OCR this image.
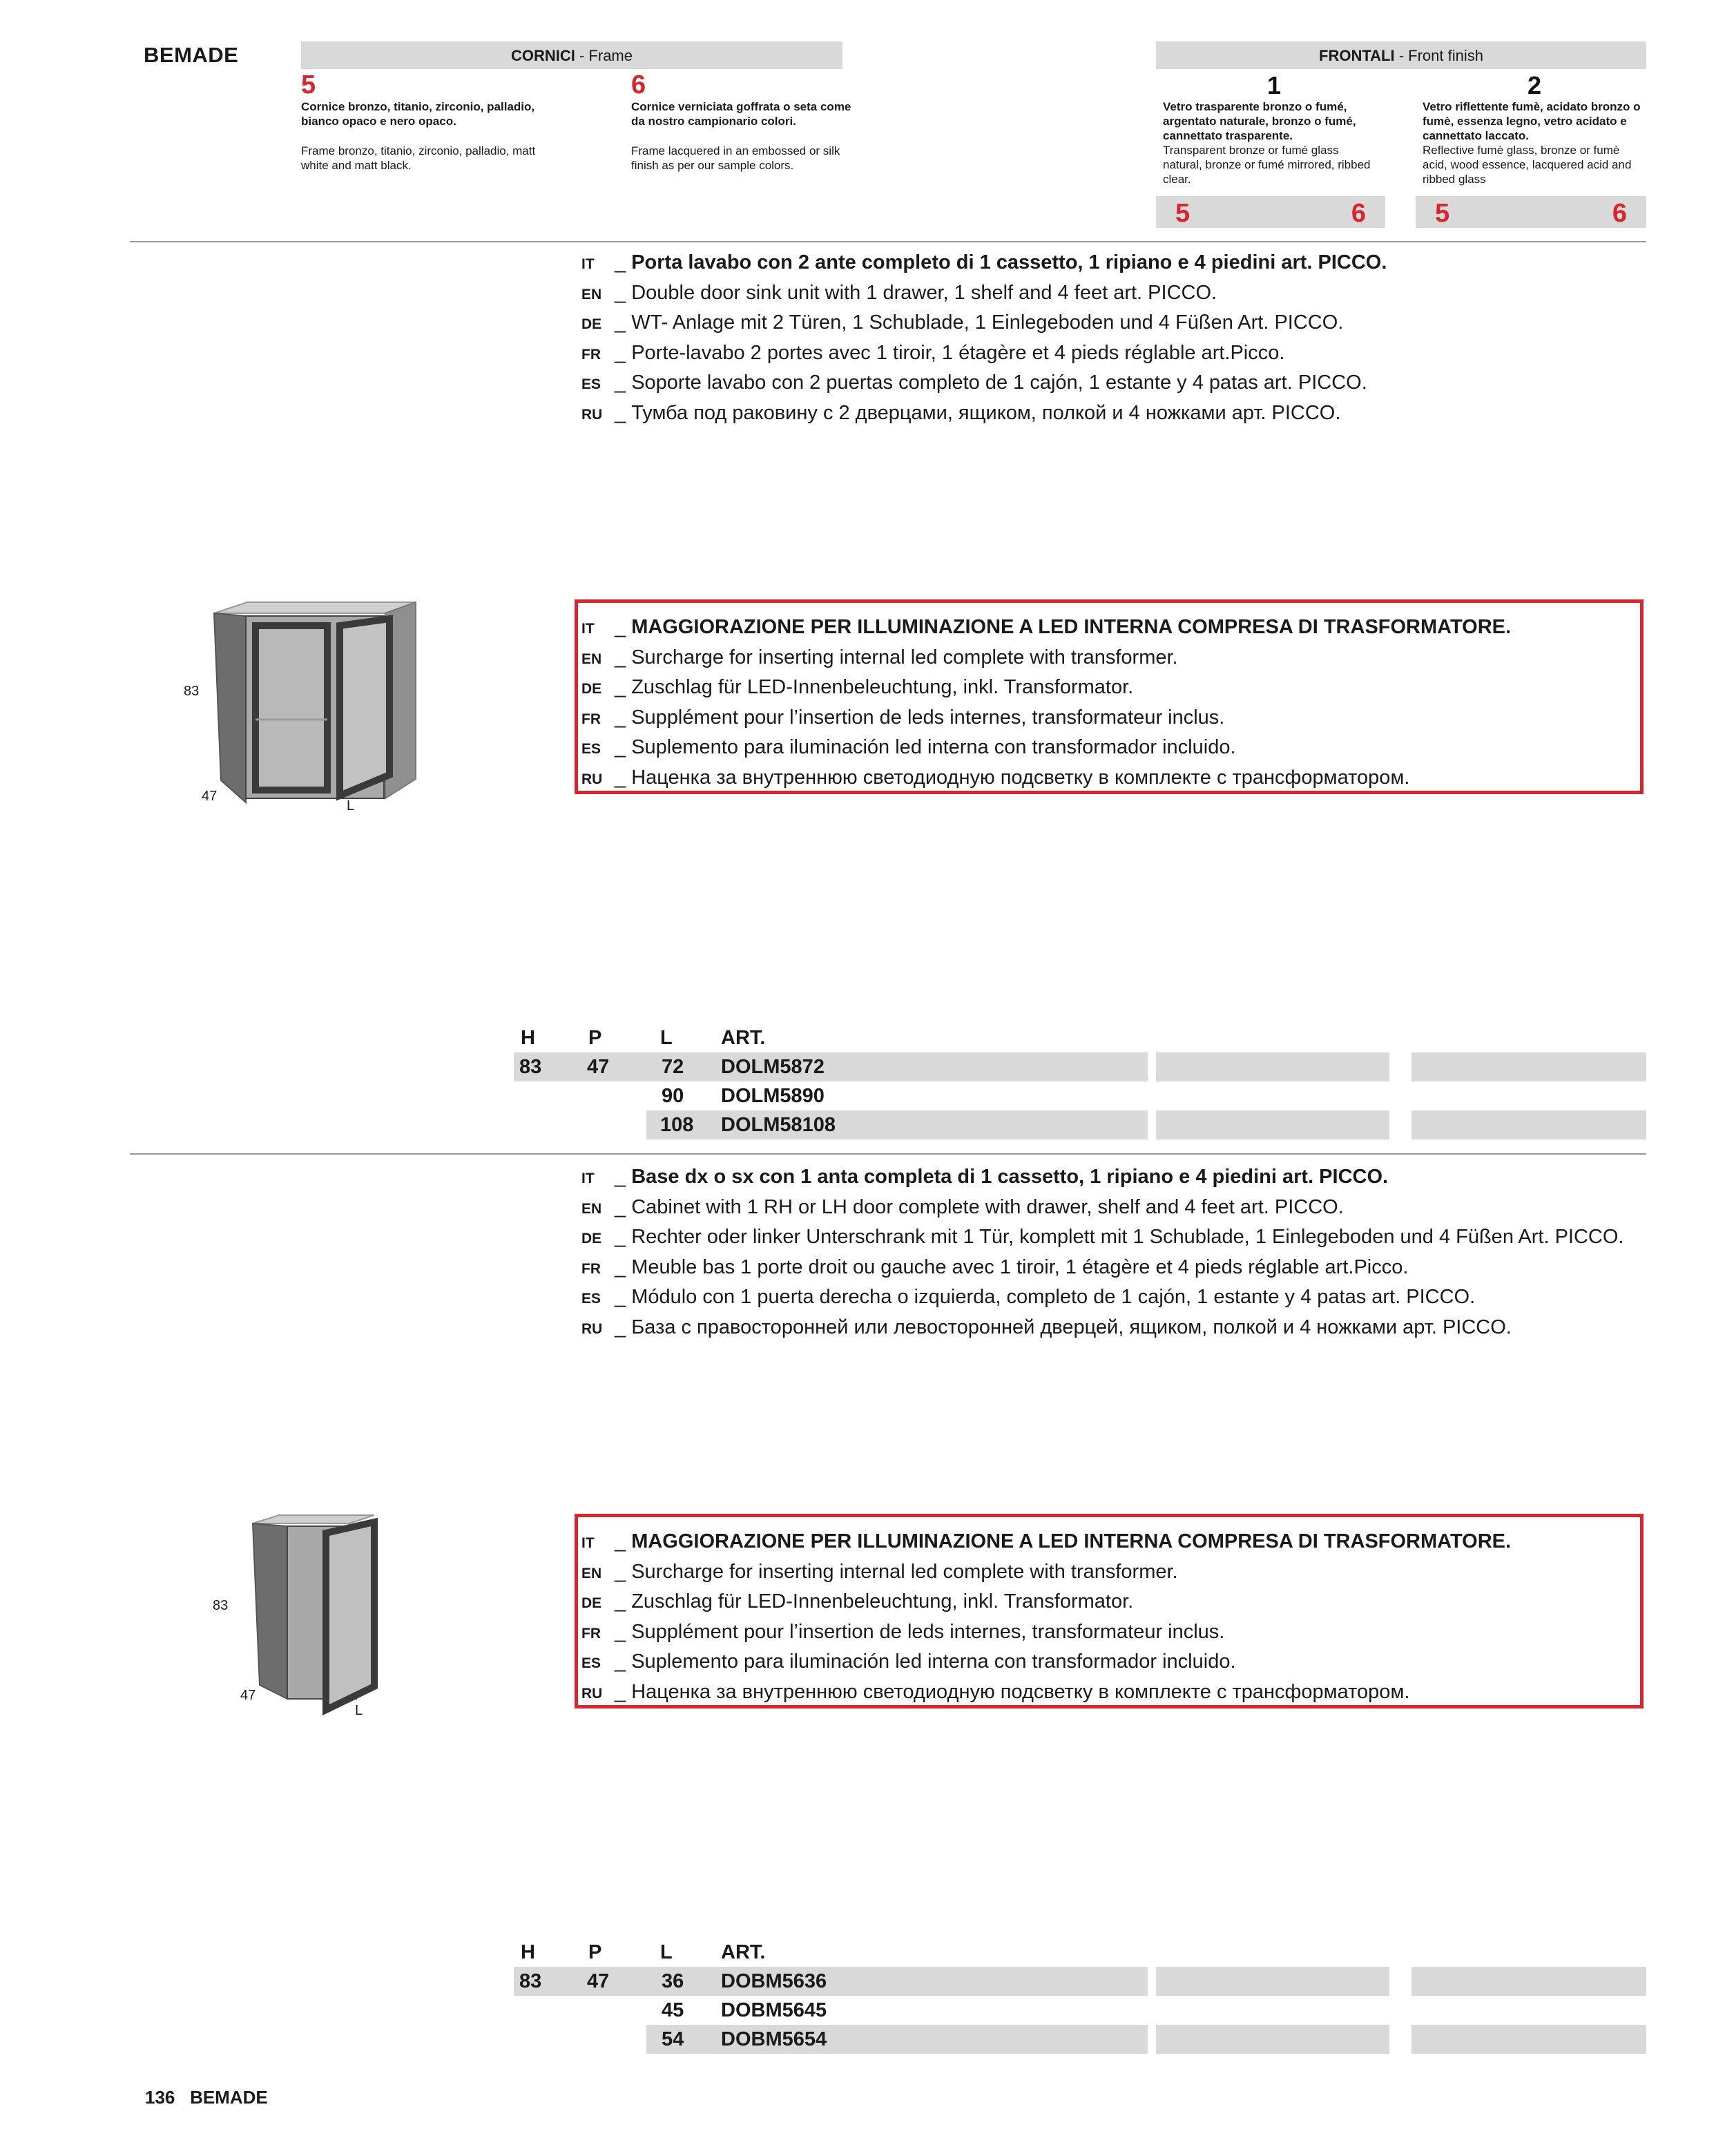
BEMADE	CORNICI - Frame
5
Cornice bronzo, titanio, zirconio, palladio, bianco opaco e nero opaco.
Frame bronzo, titanio, zirconio, palladio, matt white and matt black.
6
Cornice verniciata goffrata o seta come da nostro campionario colori.
Frame lacquered in an embossed or silk finish as per our sample colors.
FRONTALI - Front finish
1
Vetro trasparente bronzo o fumé, argentato naturale, bronzo o fumé, cannettato trasparente.
Transparent bronze or fumé glass natural, bronze or fumé mirrored, ribbed clear.
5	6
2
Vetro riflettente fumè, acidato bronzo o fumè, essenza legno, vetro acidato e cannettato laccato.
Reflective fumè glass, bronze or fumè acid, wood essence, lacquered acid and ribbed glass
5	6
IT _ Porta lavabo con 2 ante completo di 1 cassetto, 1 ripiano e 4 piedini art. PICCO.
EN _ Double door sink unit with 1 drawer, 1 shelf and 4 feet art. PICCO.
DE _ WT- Anlage mit 2 Türen, 1 Schublade, 1 Einlegeboden und 4 Füßen Art. PICCO.
FR _ Porte-lavabo 2 portes avec 1 tiroir, 1 étagère et 4 pieds réglable art.Picco.
ES _ Soporte lavabo con 2 puertas completo de 1 cajón, 1 estante y 4 patas art. PICCO.
RU _ Тумба под раковину с 2 дверцами, ящиком, полкой и 4 ножками арт. PICCO.
83
47
L
IT _ MAGGIORAZIONE PER ILLUMINAZIONE A LED INTERNA COMPRESA DI TRASFORMATORE.
EN _ Surcharge for inserting internal led complete with transformer.
DE _ Zuschlag für LED-Innenbeleuchtung, inkl. Transformator.
FR _ Supplément pour l’insertion de leds internes, transformateur inclus.
ES _ Suplemento para iluminación led interna con transformador incluido.
RU _ Наценка за внутреннюю светодиодную подсветку в комплекте с трансформатором.
H	P	L ART.
83 47	72 DOLM5872
90 DOLM5890
108 DOLM58108
IT _ Base dx o sx con 1 anta completa di 1 cassetto, 1 ripiano e 4 piedini art. PICCO.
EN _ Cabinet with 1 RH or LH door complete with drawer, shelf and 4 feet art. PICCO.
DE _ Rechter oder linker Unterschrank mit 1 Tür, komplett mit 1 Schublade, 1 Einlegeboden und 4 Füßen Art. PICCO.
FR _ Meuble bas 1 porte droit ou gauche avec 1 tiroir, 1 étagère et 4 pieds réglable art.Picco.
ES _ Módulo con 1 puerta derecha o izquierda, completo de 1 cajón, 1 estante y 4 patas art. PICCO.
RU _ База с правосторонней или левосторонней дверцей, ящиком, полкой и 4 ножками арт. PICCO.
83
47
L
IT _ MAGGIORAZIONE PER ILLUMINAZIONE A LED INTERNA COMPRESA DI TRASFORMATORE.
EN _ Surcharge for inserting internal led complete with transformer.
DE _ Zuschlag für LED-Innenbeleuchtung, inkl. Transformator.
FR _ Supplément pour l’insertion de leds internes, transformateur inclus.
ES _ Suplemento para iluminación led interna con transformador incluido.
RU _ Наценка за внутреннюю светодиодную подсветку в комплекте с трансформатором.
H	P	L ART.
83 47	36 DOBM5636
45 DOBM5645
54 DOBM5654
136 BEMADE
